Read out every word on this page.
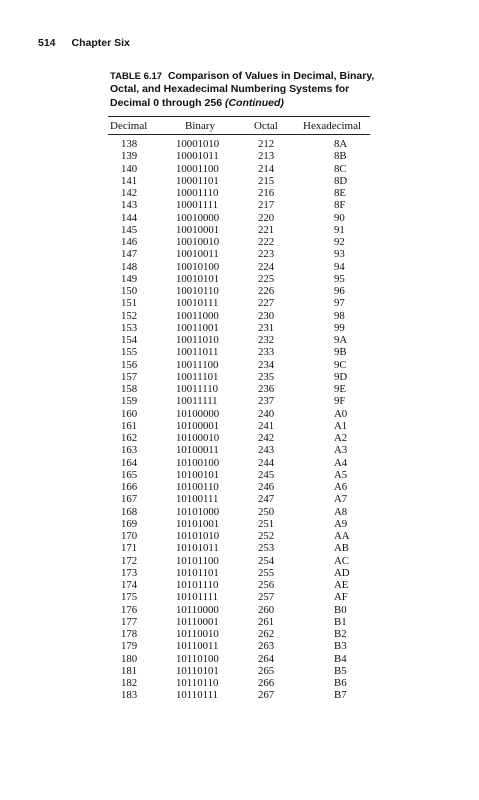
514 Chapter Six
TABLE 6.17 Comparison of Values in Decimal, Binary, Octal, and Hexadecimal Numbering Systems for Decimal 0 through 256 (Continued)
Decimal	Binary	Octal Hexadecimal
138	10001010	212	8A
139	10001011	213	8B
140	10001100	214	8C
141	10001101	215	8D
142	10001110	216	8E
143	10001111	217	8F
144	10010000	220	90
145	10010001	221	91
146	10010010	222	92
147	10010011	223	93
148	10010100	224	94
149	10010101	225	95
150	10010110	226	96
151	10010111	227	97
152	10011000	230	98
153	10011001	231	99
154	10011010	232	9A
155	10011011	233	9B
156	10011100	234	9C
157	10011101	235	9D
158	10011110	236	9E
159	10011111	237	9F
160	10100000	240	A0
161	10100001	241	A1
162	10100010	242	A2
163	10100011	243	A3
164	10100100	244	A4
165	10100101	245	A5
166	10100110	246	A6
167	10100111	247	A7
168	10101000	250	A8
169	10101001	251	A9
170	10101010	252	AA
171	10101011	253	AB
172	10101100	254	AC
173	10101101	255	AD
174	10101110	256	AE
175	10101111	257	AF
176	10110000	260	B0
177	10110001	261	B1
178	10110010	262	B2
179	10110011	263	B3
180	10110100	264	B4
181	10110101	265	B5
182	10110110	266	B6
183	10110111	267	B7
